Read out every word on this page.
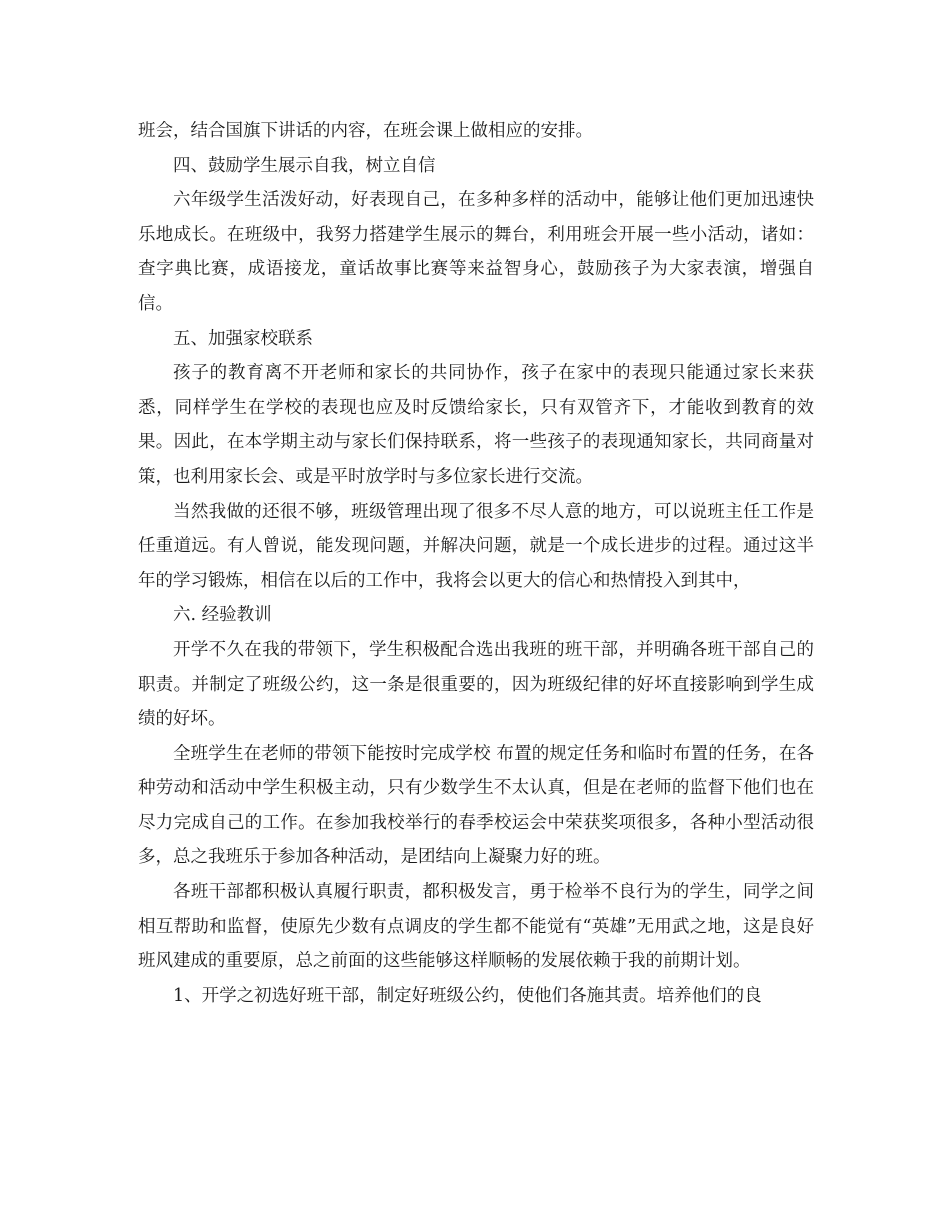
班会，结合国旗下讲话的内容，在班会课上做相应的安排。

四、鼓励学生展示自我，树立自信

六年级学生活泼好动，好表现自己，在多种多样的活动中，能够让他们更加迅速快乐地成长。在班级中，我努力搭建学生展示的舞台，利用班会开展一些小活动，诸如：查字典比赛，成语接龙，童话故事比赛等来益智身心，鼓励孩子为大家表演，增强自信。

五、加强家校联系

孩子的教育离不开老师和家长的共同协作，孩子在家中的表现只能通过家长来获悉，同样学生在学校的表现也应及时反馈给家长，只有双管齐下，才能收到教育的效果。因此，在本学期主动与家长们保持联系，将一些孩子的表现通知家长，共同商量对策，也利用家长会、或是平时放学时与多位家长进行交流。

当然我做的还很不够，班级管理出现了很多不尽人意的地方，可以说班主任工作是任重道远。有人曾说，能发现问题，并解决问题，就是一个成长进步的过程。通过这半年的学习锻炼，相信在以后的工作中，我将会以更大的信心和热情投入到其中，

六. 经验教训

开学不久在我的带领下，学生积极配合选出我班的班干部，并明确各班干部自己的职责。并制定了班级公约，这一条是很重要的，因为班级纪律的好坏直接影响到学生成绩的好坏。

全班学生在老师的带领下能按时完成学校 布置的规定任务和临时布置的任务，在各种劳动和活动中学生积极主动，只有少数学生不太认真，但是在老师的监督下他们也在尽力完成自己的工作。在参加我校举行的春季校运会中荣获奖项很多，各种小型活动很多，总之我班乐于参加各种活动，是团结向上凝聚力好的班。

各班干部都积极认真履行职责，都积极发言，勇于检举不良行为的学生，同学之间相互帮助和监督，使原先少数有点调皮的学生都不能觉有“英雄”无用武之地，这是良好班风建成的重要原，总之前面的这些能够这样顺畅的发展依赖于我的前期计划。

1、开学之初选好班干部，制定好班级公约，使他们各施其责。培养他们的良
